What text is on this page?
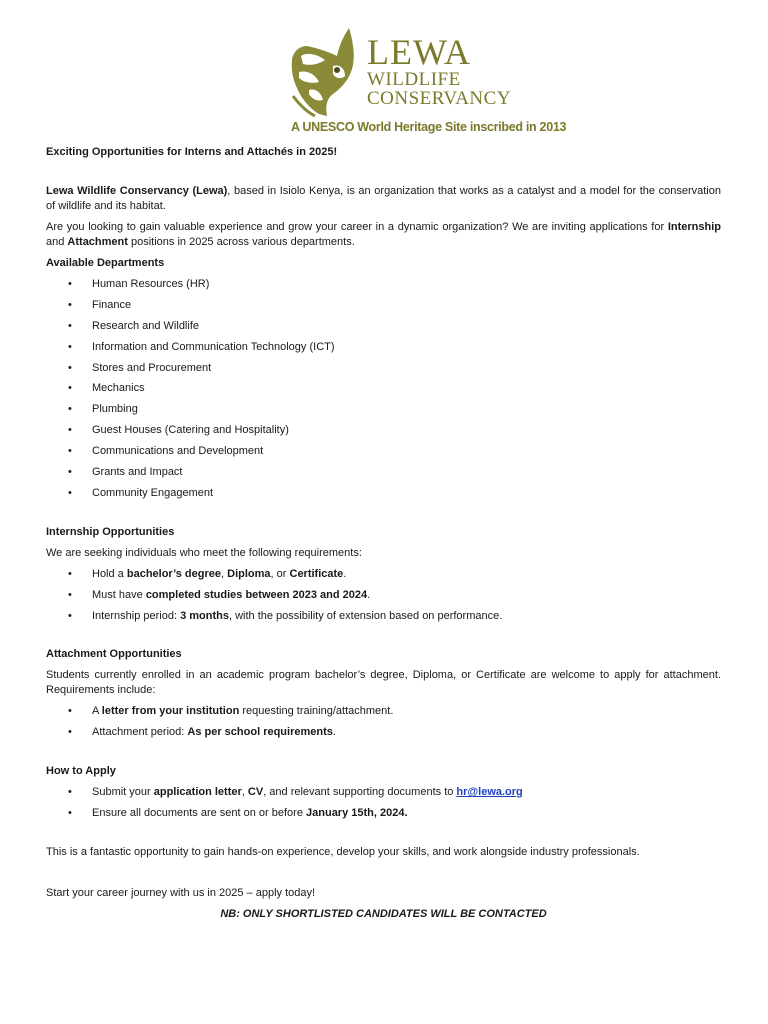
LEWA
WILDLIFE
CONSERVANCY
A UNESCO World Heritage Site inscribed in 2013
Exciting Opportunities for Interns and Attachés in 2025!

Lewa Wildlife Conservancy (Lewa), based in Isiolo Kenya, is an organization that works as a catalyst and a model for the conservation of wildlife and its habitat.

Are you looking to gain valuable experience and grow your career in a dynamic organization? We are inviting applications for Internship and Attachment positions in 2025 across various departments.

Available Departments
• Human Resources (HR)
• Finance
• Research and Wildlife
• Information and Communication Technology (ICT)
• Stores and Procurement
• Mechanics
• Plumbing
• Guest Houses (Catering and Hospitality)
• Communications and Development
• Grants and Impact
• Community Engagement
Internship Opportunities

We are seeking individuals who meet the following requirements:

• Hold a bachelor’s degree, Diploma, or Certificate.
• Must have completed studies between 2023 and 2024.
• Internship period: 3 months, with the possibility of extension based on performance.
Attachment Opportunities

Students currently enrolled in an academic program bachelor’s degree, Diploma, or Certificate are welcome to apply for attachment. Requirements include:

• A letter from your institution requesting training/attachment.
• Attachment period: As per school requirements.
How to Apply
• Submit your application letter, CV, and relevant supporting documents to hr@lewa.org
• Ensure all documents are sent on or before January 15th, 2024.

This is a fantastic opportunity to gain hands-on experience, develop your skills, and work alongside industry professionals.

Start your career journey with us in 2025 – apply today!

NB: ONLY SHORTLISTED CANDIDATES WILL BE CONTACTED
